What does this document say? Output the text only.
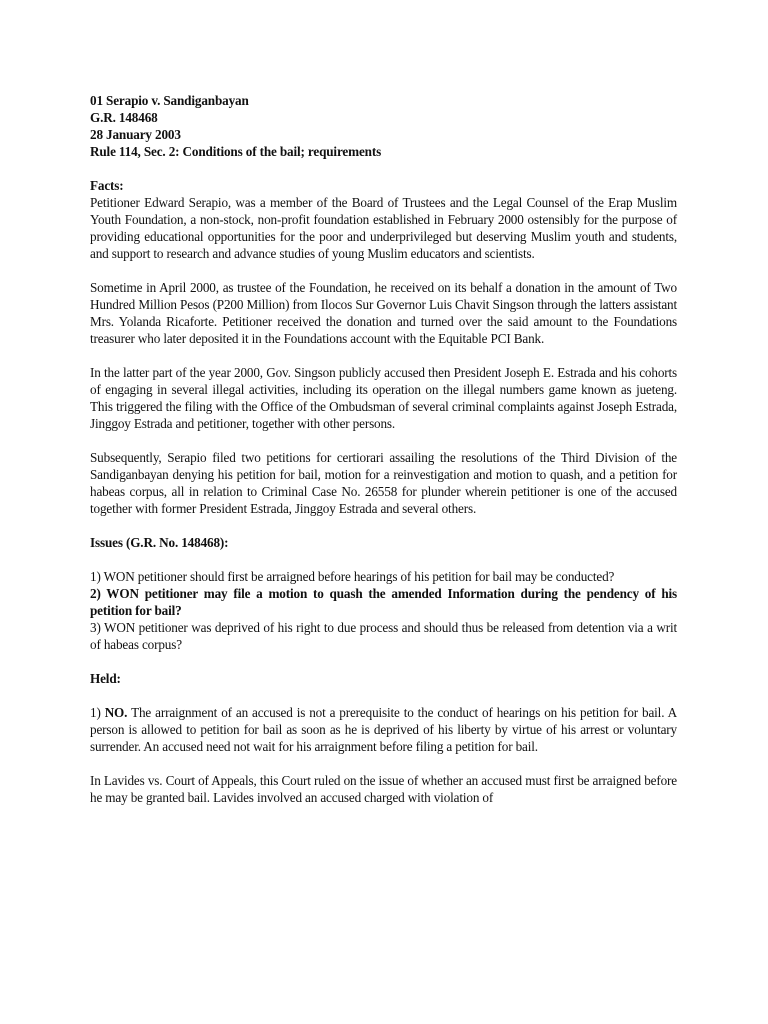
01 Serapio v. Sandiganbayan
G.R. 148468
28 January 2003
Rule 114, Sec. 2: Conditions of the bail; requirements
Facts:

Petitioner Edward Serapio, was a member of the Board of Trustees and the Legal Counsel of the Erap Muslim Youth Foundation, a non-stock, non-profit foundation established in February 2000 ostensibly for the purpose of providing educational opportunities for the poor and underprivileged but deserving Muslim youth and students, and support to research and advance studies of young Muslim educators and scientists.

Sometime in April 2000, as trustee of the Foundation, he received on its behalf a donation in the amount of Two Hundred Million Pesos (P200 Million) from Ilocos Sur Governor Luis Chavit Singson through the latters assistant Mrs. Yolanda Ricaforte. Petitioner received the donation and turned over the said amount to the Foundations treasurer who later deposited it in the Foundations account with the Equitable PCI Bank.

In the latter part of the year 2000, Gov. Singson publicly accused then President Joseph E. Estrada and his cohorts of engaging in several illegal activities, including its operation on the illegal numbers game known as jueteng. This triggered the filing with the Office of the Ombudsman of several criminal complaints against Joseph Estrada, Jinggoy Estrada and petitioner, together with other persons.

Subsequently, Serapio filed two petitions for certiorari assailing the resolutions of the Third Division of the Sandiganbayan denying his petition for bail, motion for a reinvestigation and motion to quash, and a petition for habeas corpus, all in relation to Criminal Case No. 26558 for plunder wherein petitioner is one of the accused together with former President Estrada, Jinggoy Estrada and several others.

Issues (G.R. No. 148468):

1) WON petitioner should first be arraigned before hearings of his petition for bail may be conducted?

2) WON petitioner may file a motion to quash the amended Information during the pendency of his petition for bail?

3) WON petitioner was deprived of his right to due process and should thus be released from detention via a writ of habeas corpus?

Held:

1) NO. The arraignment of an accused is not a prerequisite to the conduct of hearings on his petition for bail. A person is allowed to petition for bail as soon as he is deprived of his liberty by virtue of his arrest or voluntary surrender. An accused need not wait for his arraignment before filing a petition for bail.

In Lavides vs. Court of Appeals, this Court ruled on the issue of whether an accused must first be arraigned before he may be granted bail. Lavides involved an accused charged with violation of
